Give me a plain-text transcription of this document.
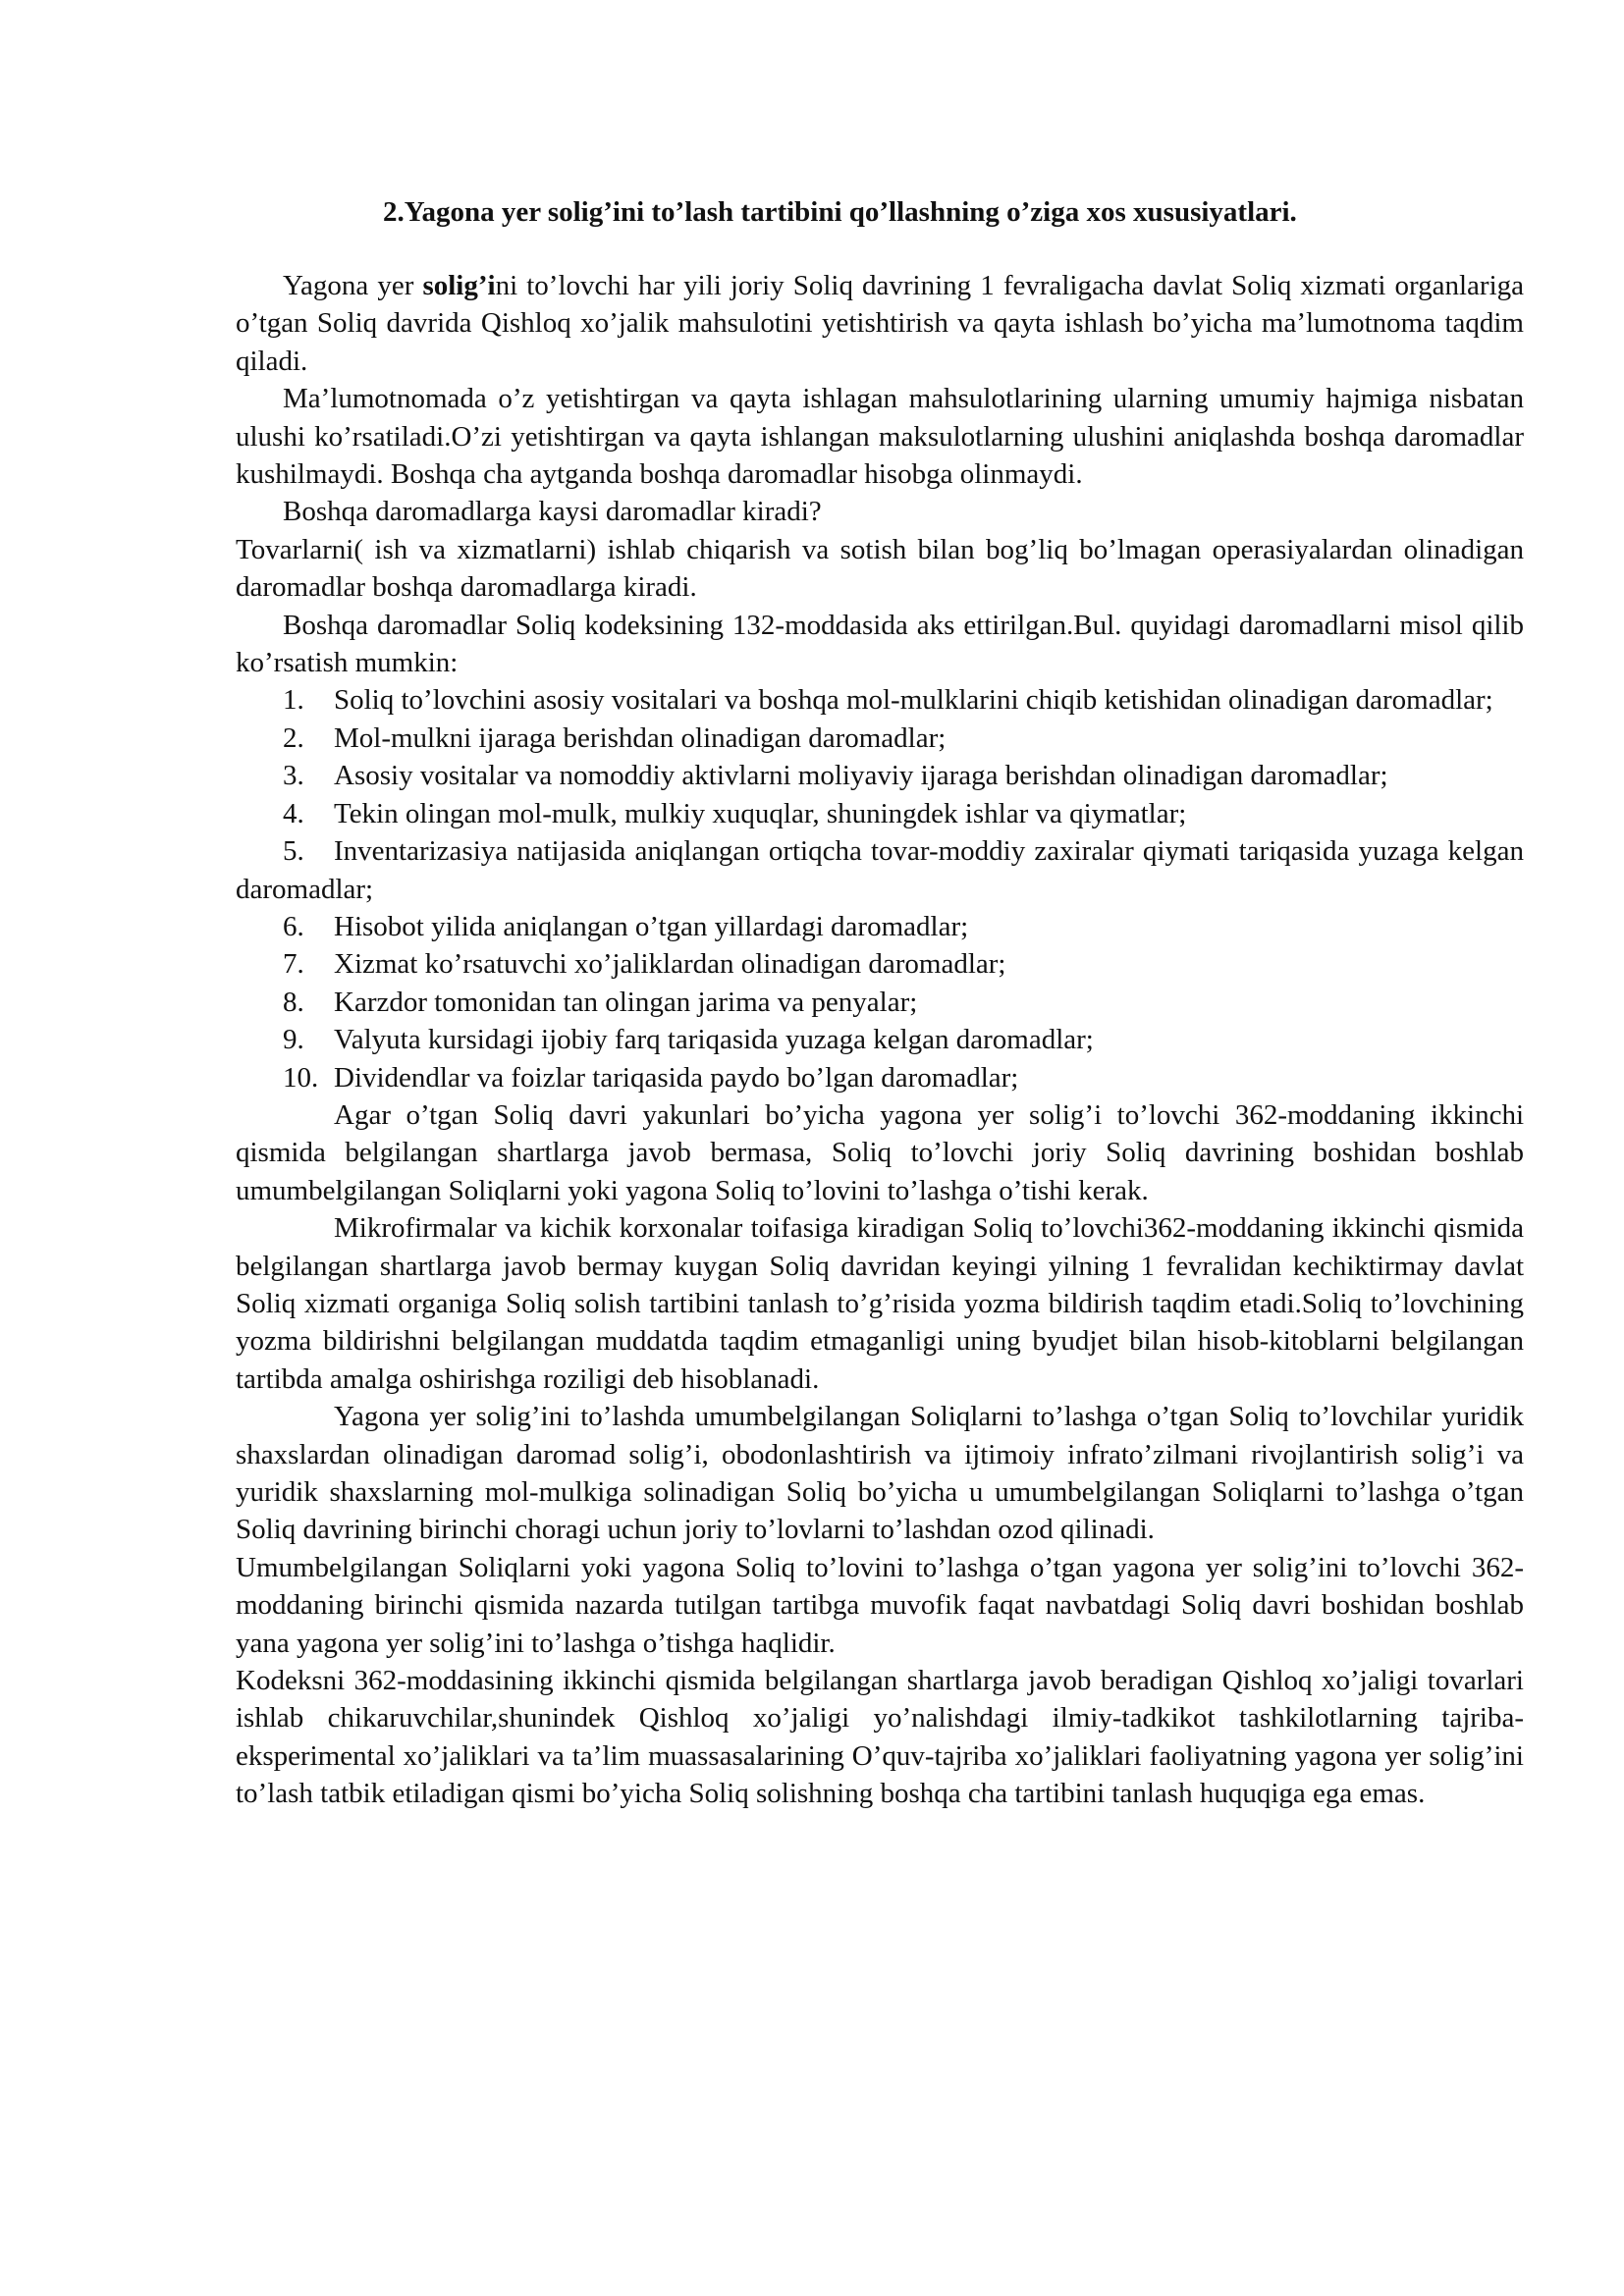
2.Yagona yer solig’ini to’lash tartibini qo’llashning o’ziga xos xususiyatlari.

Yagona yer solig’ini to’lovchi har yili joriy Soliq davrining 1 fevraligacha davlat Soliq xizmati organlariga o’tgan Soliq davrida Qishloq xo’jalik mahsulotini yetishtirish va qayta ishlash bo’yicha ma’lumotnoma taqdim qiladi.

Ma’lumotnomada o’z yetishtirgan va qayta ishlagan mahsulotlarining ularning umumiy hajmiga nisbatan ulushi ko’rsatiladi.O’zi yetishtirgan va qayta ishlangan maksulotlarning ulushini aniqlashda boshqa daromadlar kushilmaydi. Boshqa cha aytganda boshqa daromadlar hisobga olinmaydi.

Boshqa daromadlarga kaysi daromadlar kiradi?

Tovarlarni( ish va xizmatlarni) ishlab chiqarish va sotish bilan bog’liq bo’lmagan operasiyalardan olinadigan daromadlar boshqa daromadlarga kiradi.

Boshqa daromadlar Soliq kodeksining 132-moddasida aks ettirilgan.Bul. quyidagi daromadlarni misol qilib ko’rsatish mumkin:

1. Soliq to’lovchini asosiy vositalari va boshqa mol-mulklarini chiqib ketishidan olinadigan daromadlar;
2. Mol-mulkni ijaraga berishdan olinadigan daromadlar;
3. Asosiy vositalar va nomoddiy aktivlarni moliyaviy ijaraga berishdan olinadigan daromadlar;
4. Tekin olingan mol-mulk, mulkiy xuquqlar, shuningdek ishlar va qiymatlar;
5. Inventarizasiya natijasida aniqlangan ortiqcha tovar-moddiy zaxiralar qiymati tariqasida yuzaga kelgan daromadlar;
6. Hisobot yilida aniqlangan o’tgan yillardagi daromadlar;
7. Xizmat ko’rsatuvchi xo’jaliklardan olinadigan daromadlar;
8. Karzdor tomonidan tan olingan jarima va penyalar;
9. Valyuta kursidagi ijobiy farq tariqasida yuzaga kelgan daromadlar;
10. Dividendlar va foizlar tariqasida paydo bo’lgan daromadlar;

Agar o’tgan Soliq davri yakunlari bo’yicha yagona yer solig’i to’lovchi 362-moddaning ikkinchi qismida belgilangan shartlarga javob bermasa, Soliq to’lovchi joriy Soliq davrining boshidan boshlab umumbelgilangan Soliqlarni yoki yagona Soliq to’lovini to’lashga o’tishi kerak.

Mikrofirmalar va kichik korxonalar toifasiga kiradigan Soliq to’lovchi362-moddaning ikkinchi qismida belgilangan shartlarga javob bermay kuygan Soliq davridan keyingi yilning 1 fevralidan kechiktirmay davlat Soliq xizmati organiga Soliq solish tartibini tanlash to’g’risida yozma bildirish taqdim etadi.Soliq to’lovchining yozma bildirishni belgilangan muddatda taqdim etmaganligi uning byudjet bilan hisob-kitoblarni belgilangan tartibda amalga oshirishga roziligi deb hisoblanadi.

Yagona yer solig’ini to’lashda umumbelgilangan Soliqlarni to’lashga o’tgan Soliq to’lovchilar yuridik shaxslardan olinadigan daromad solig’i, obodonlashtirish va ijtimoiy infrato’zilmani rivojlantirish solig’i va yuridik shaxslarning mol-mulkiga solinadigan Soliq bo’yicha u umumbelgilangan Soliqlarni to’lashga o’tgan Soliq davrining birinchi choragi uchun joriy to’lovlarni to’lashdan ozod qilinadi.

Umumbelgilangan Soliqlarni yoki yagona Soliq to’lovini to’lashga o’tgan yagona yer solig’ini to’lovchi 362-moddaning birinchi qismida nazarda tutilgan tartibga muvofik faqat navbatdagi Soliq davri boshidan boshlab yana yagona yer solig’ini to’lashga o’tishga haqlidir.

Kodeksni 362-moddasining ikkinchi qismida belgilangan shartlarga javob beradigan Qishloq xo’jaligi tovarlari ishlab chikaruvchilar,shunindek Qishloq xo’jaligi yo’nalishdagi ilmiy-tadkikot tashkilotlarning tajriba-eksperimental xo’jaliklari va ta’lim muassasalarining O’quv-tajriba xo’jaliklari faoliyatning yagona yer solig’ini to’lash tatbik etiladigan qismi bo’yicha Soliq solishning boshqa cha tartibini tanlash huquqiga ega emas.
